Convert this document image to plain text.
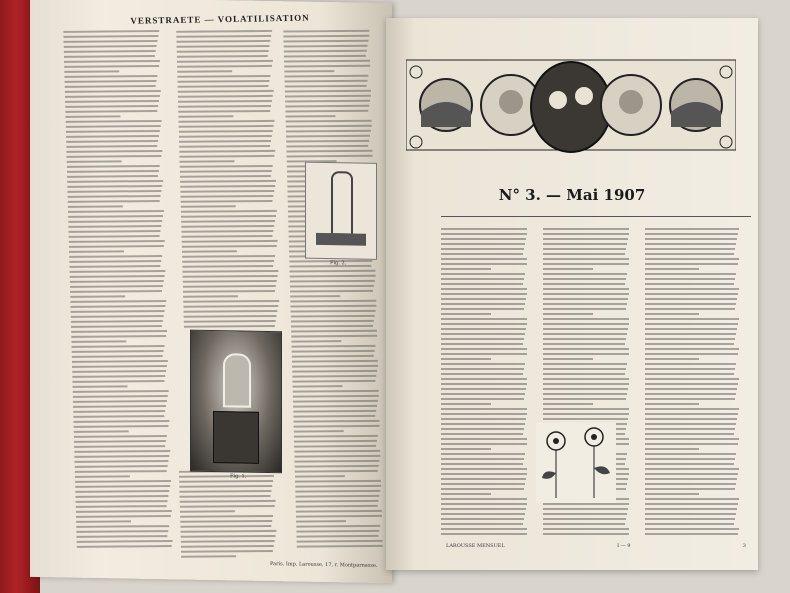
VERSTRAETE — VOLATILISATION
Fig. 2.
Fig. 1.
Paris. Imp. Larousse, 17, r. Montparnasse.
N° 3. — Mai 1907
LAROUSSE MENSUEL	I — 9	3
